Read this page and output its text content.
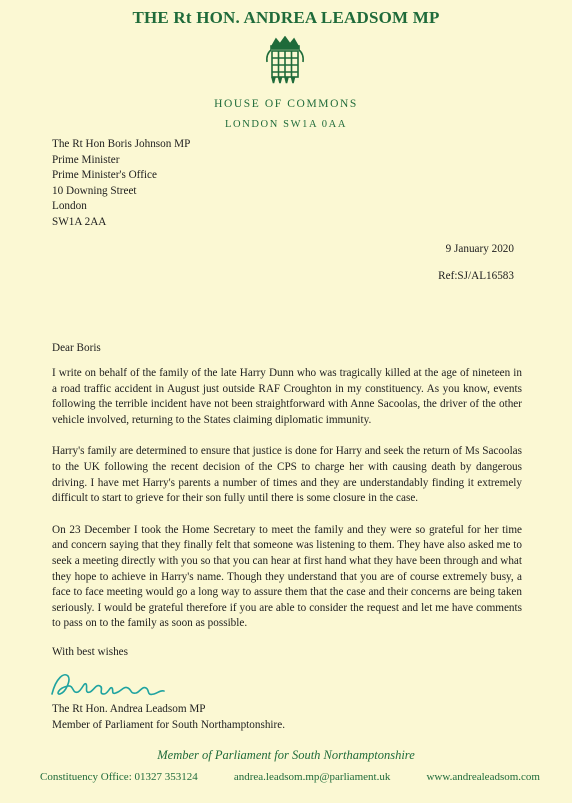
THE Rt HON. ANDREA LEADSOM MP
HOUSE OF COMMONS
LONDON SW1A 0AA
The Rt Hon Boris Johnson MP
Prime Minister
Prime Minister's Office
10 Downing Street
London
SW1A 2AA
9 January 2020
Ref:SJ/AL16583
Dear Boris

I write on behalf of the family of the late Harry Dunn who was tragically killed at the age of nineteen in a road traffic accident in August just outside RAF Croughton in my constituency. As you know, events following the terrible incident have not been straightforward with Anne Sacoolas, the driver of the other vehicle involved, returning to the States claiming diplomatic immunity.

Harry's family are determined to ensure that justice is done for Harry and seek the return of Ms Sacoolas to the UK following the recent decision of the CPS to charge her with causing death by dangerous driving. I have met Harry's parents a number of times and they are understandably finding it extremely difficult to start to grieve for their son fully until there is some closure in the case.

On 23 December I took the Home Secretary to meet the family and they were so grateful for her time and concern saying that they finally felt that someone was listening to them. They have also asked me to seek a meeting directly with you so that you can hear at first hand what they have been through and what they hope to achieve in Harry's name. Though they understand that you are of course extremely busy, a face to face meeting would go a long way to assure them that the case and their concerns are being taken seriously. I would be grateful therefore if you are able to consider the request and let me have comments to pass on to the family as soon as possible.

With best wishes
The Rt Hon. Andrea Leadsom MP
Member of Parliament for South Northamptonshire.
Member of Parliament for South Northamptonshire
Constituency Office: 01327 353124	andrea.leadsom.mp@parliament.uk	www.andrealeadsom.com
